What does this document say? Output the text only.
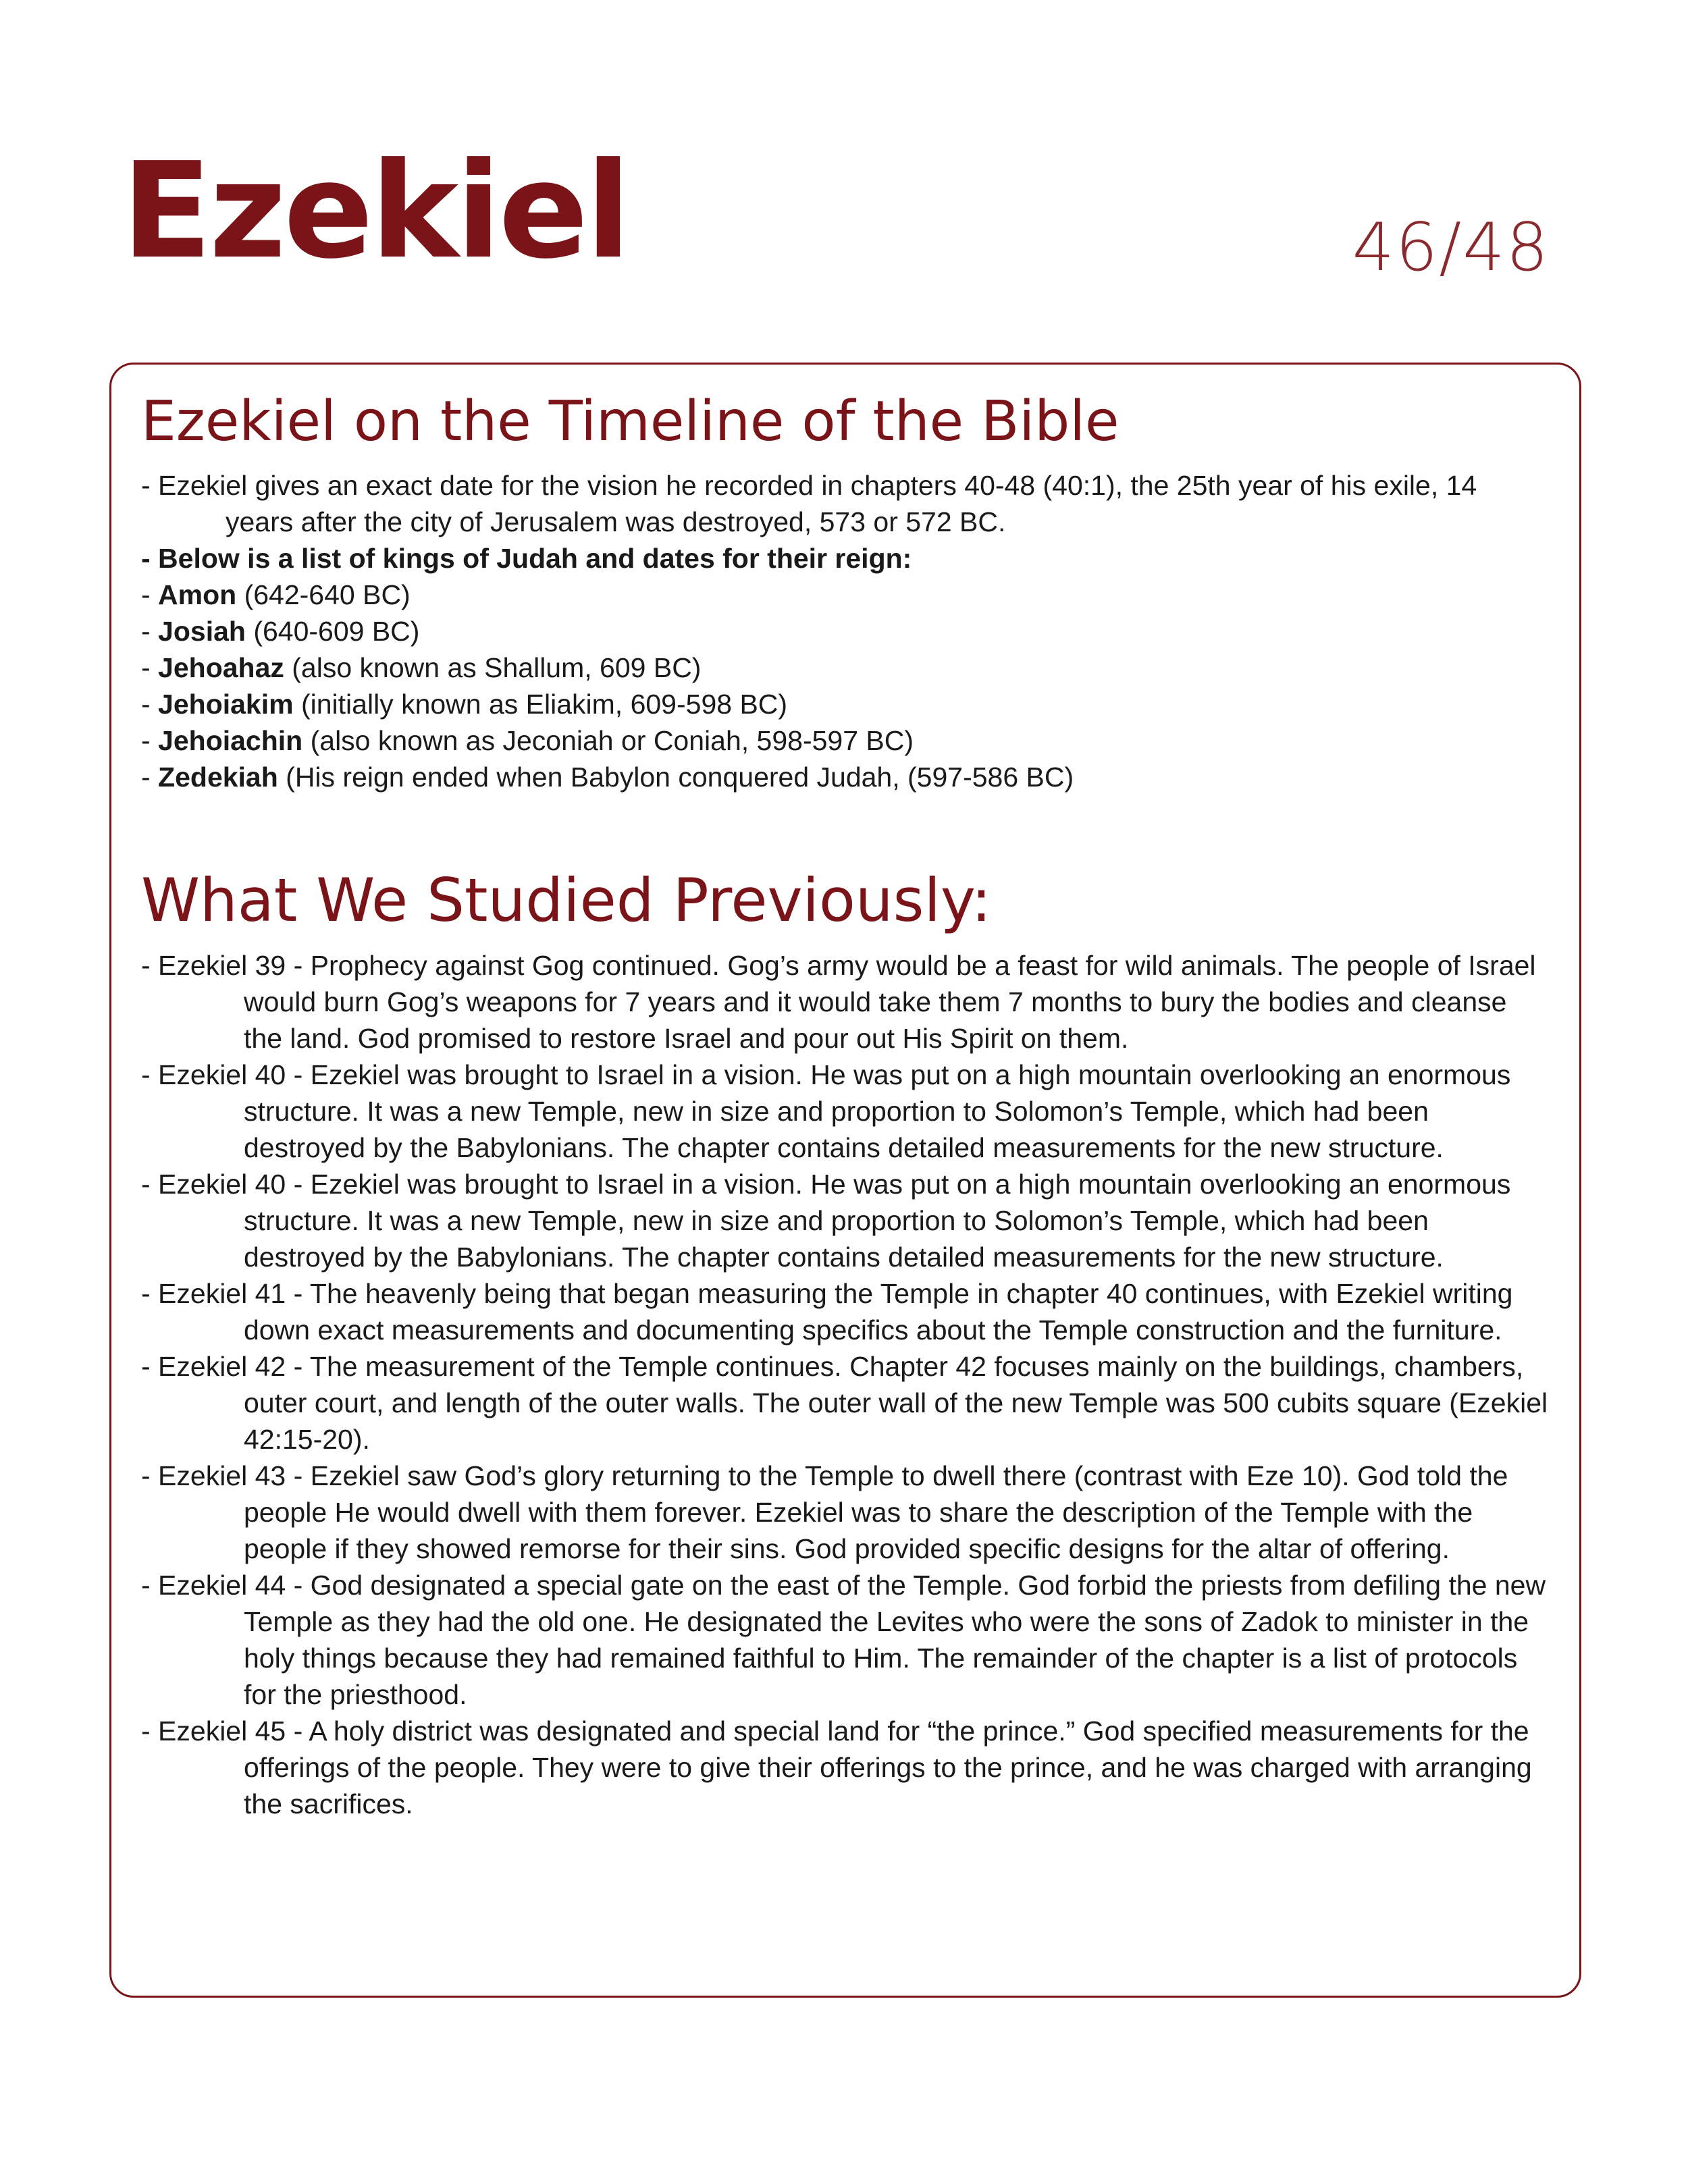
Ezekiel	46/48
Ezekiel on the Timeline of the Bible
- Ezekiel gives an exact date for the vision he recorded in chapters 40-48 (40:1), the 25th year of his exile, 14 years after the city of Jerusalem was destroyed, 573 or 572 BC.
- Below is a list of kings of Judah and dates for their reign:
- Amon (642-640 BC)
- Josiah (640-609 BC)
- Jehoahaz (also known as Shallum, 609 BC)
- Jehoiakim (initially known as Eliakim, 609-598 BC)
- Jehoiachin (also known as Jeconiah or Coniah, 598-597 BC)
- Zedekiah (His reign ended when Babylon conquered Judah, (597-586 BC)
What We Studied Previously:
- Ezekiel 39 - Prophecy against Gog continued. Gog’s army would be a feast for wild animals. The people of Israel would burn Gog’s weapons for 7 years and it would take them 7 months to bury the bodies and cleanse the land. God promised to restore Israel and pour out His Spirit on them.
- Ezekiel 40 - Ezekiel was brought to Israel in a vision. He was put on a high mountain overlooking an enormous structure. It was a new Temple, new in size and proportion to Solomon’s Temple, which had been destroyed by the Babylonians. The chapter contains detailed measurements for the new structure.
- Ezekiel 40 - Ezekiel was brought to Israel in a vision. He was put on a high mountain overlooking an enormous structure. It was a new Temple, new in size and proportion to Solomon’s Temple, which had been destroyed by the Babylonians. The chapter contains detailed measurements for the new structure.
- Ezekiel 41 - The heavenly being that began measuring the Temple in chapter 40 continues, with Ezekiel writing down exact measurements and documenting specifics about the Temple construction and the furniture.
- Ezekiel 42 - The measurement of the Temple continues. Chapter 42 focuses mainly on the buildings, chambers, outer court, and length of the outer walls. The outer wall of the new Temple was 500 cubits square (Ezekiel 42:15-20).
- Ezekiel 43 - Ezekiel saw God’s glory returning to the Temple to dwell there (contrast with Eze 10). God told the people He would dwell with them forever. Ezekiel was to share the description of the Temple with the people if they showed remorse for their sins. God provided specific designs for the altar of offering.
- Ezekiel 44 - God designated a special gate on the east of the Temple. God forbid the priests from defiling the new Temple as they had the old one. He designated the Levites who were the sons of Zadok to minister in the holy things because they had remained faithful to Him. The remainder of the chapter is a list of protocols for the priesthood.
- Ezekiel 45 - A holy district was designated and special land for “the prince.” God specified measurements for the offerings of the people. They were to give their offerings to the prince, and he was charged with arranging the sacrifices.
